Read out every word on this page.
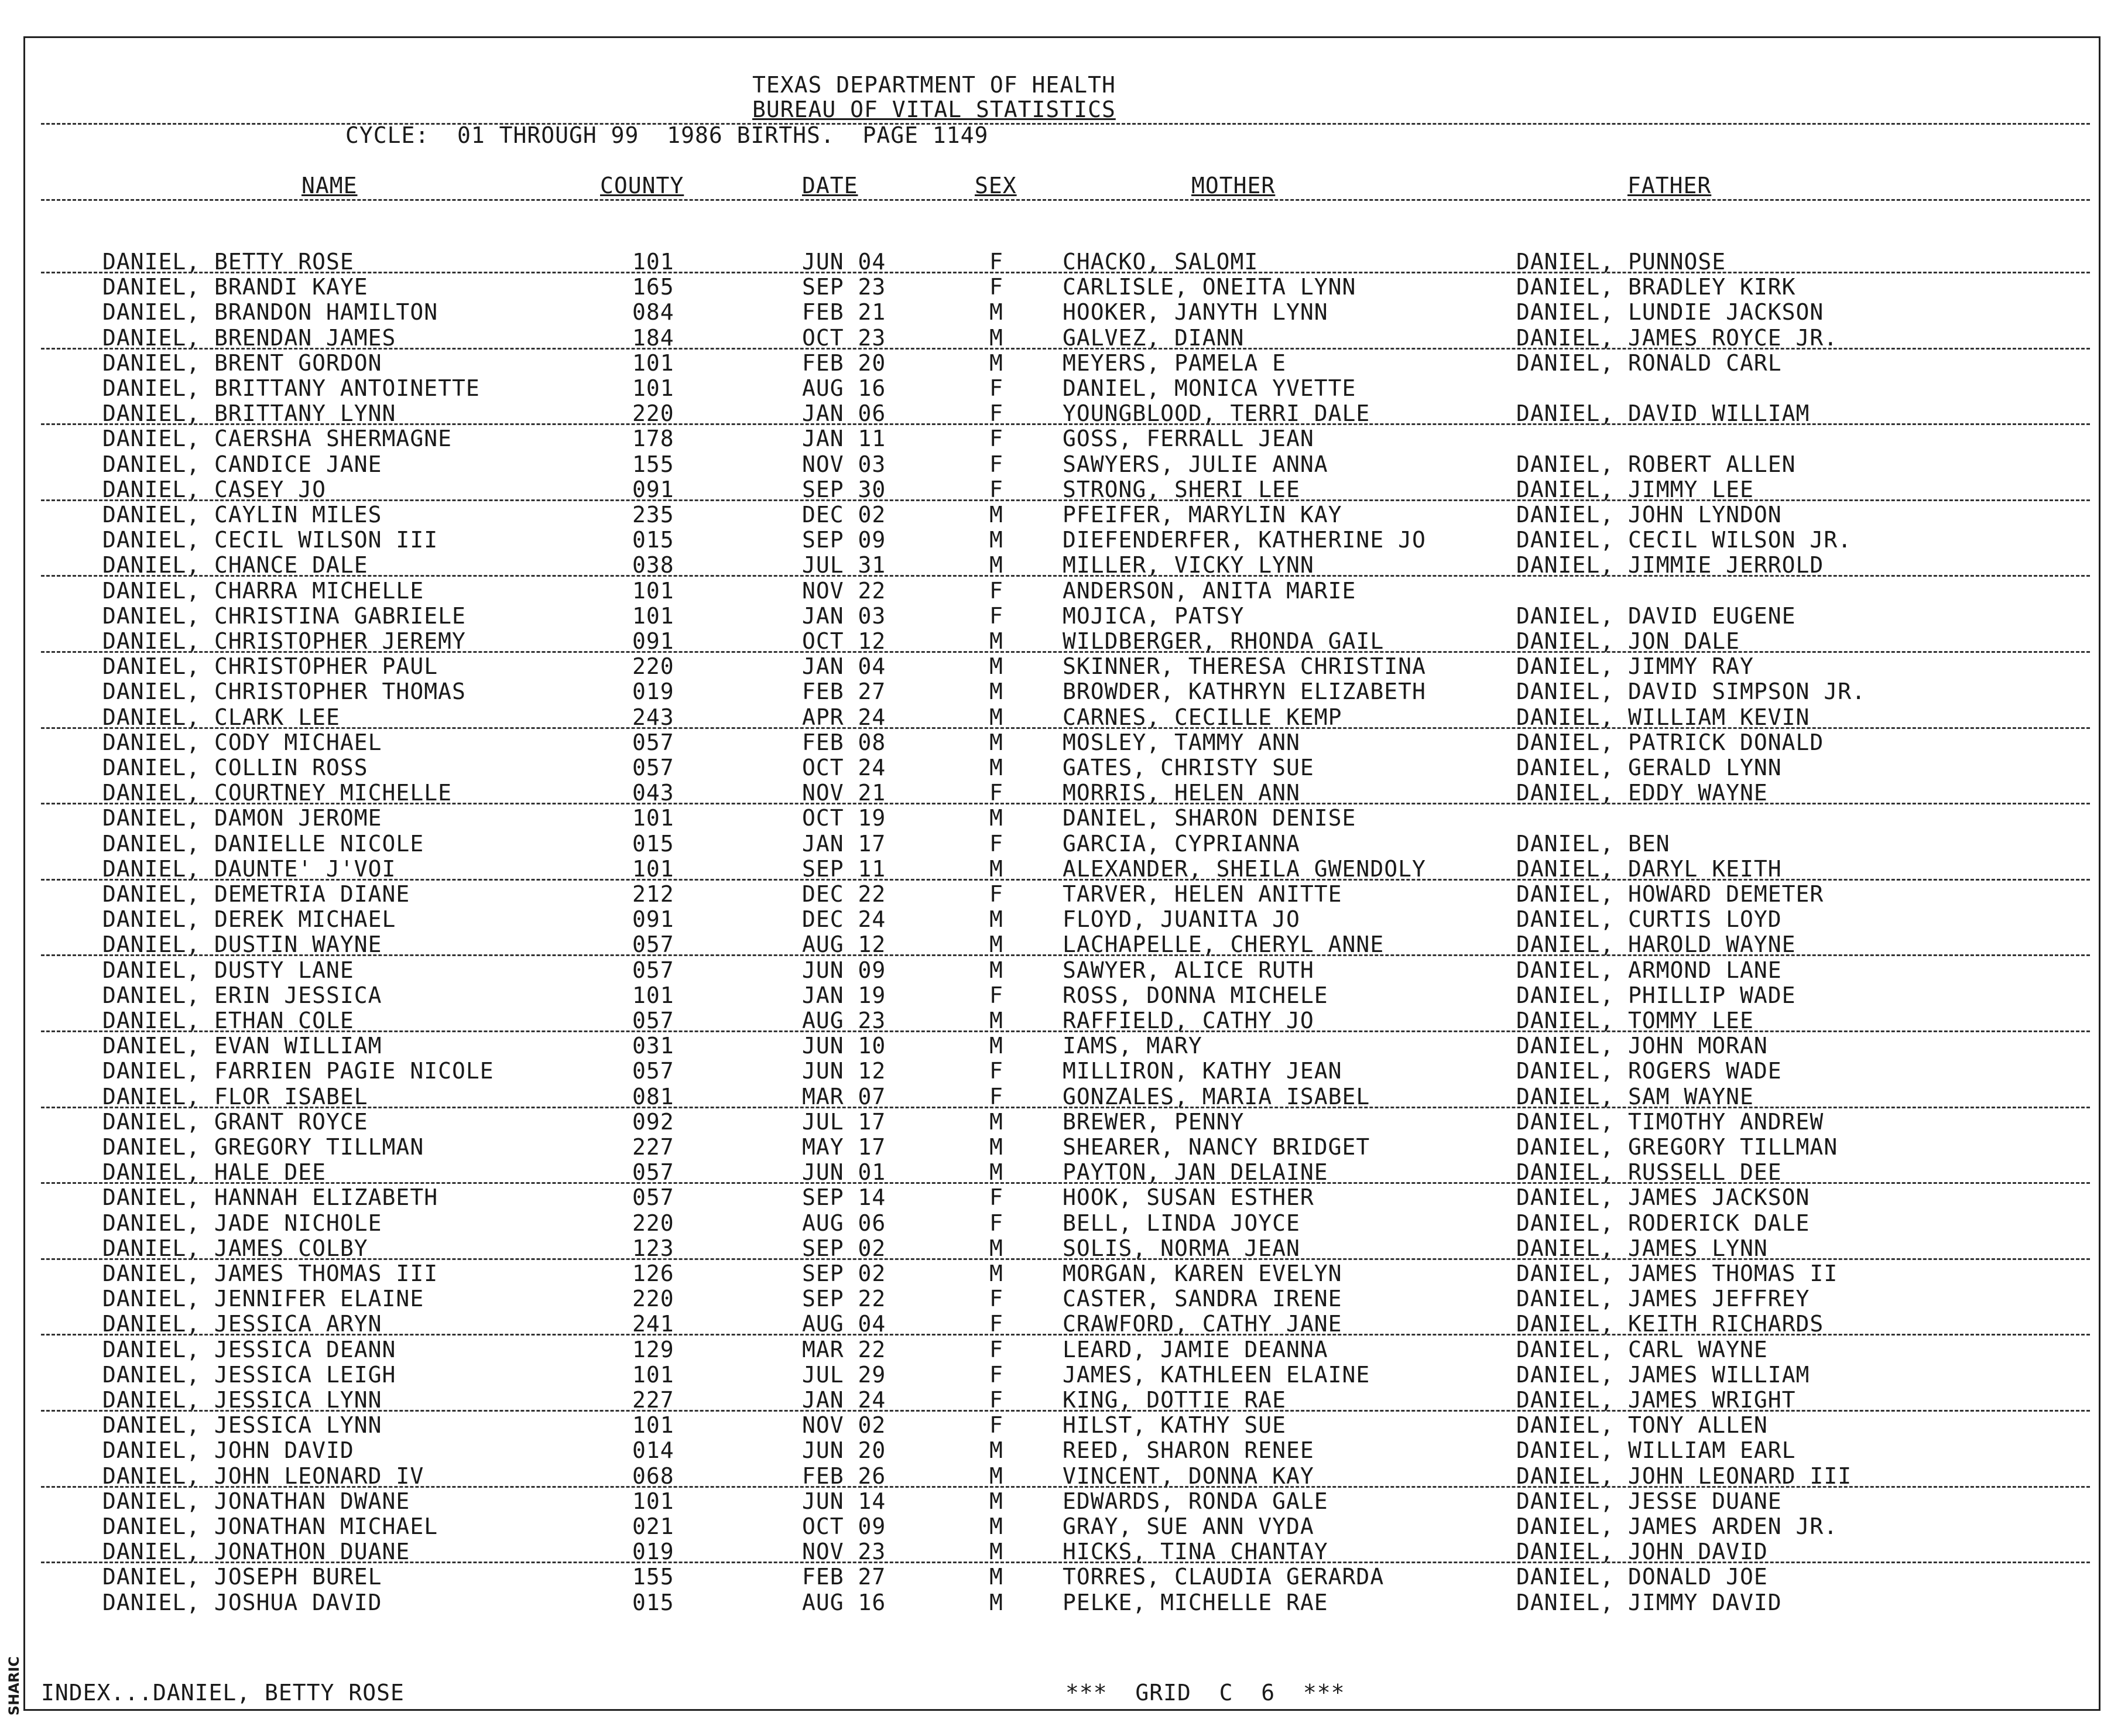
SHARIC
TEXAS DEPARTMENT OF HEALTH
BUREAU OF VITAL STATISTICS
CYCLE:  01 THROUGH 99  1986 BIRTHS.  PAGE 1149
NAME	COUNTY	DATE	SEX	MOTHER	FATHER
DANIEL, BETTY ROSE	101	JUN 04	F	CHACKO, SALOMI	DANIEL, PUNNOSE
DANIEL, BRANDI KAYE	165	SEP 23	F	CARLISLE, ONEITA LYNN	DANIEL, BRADLEY KIRK
DANIEL, BRANDON HAMILTON	084	FEB 21	M	HOOKER, JANYTH LYNN	DANIEL, LUNDIE JACKSON
DANIEL, BRENDAN JAMES	184	OCT 23	M	GALVEZ, DIANN	DANIEL, JAMES ROYCE JR.
DANIEL, BRENT GORDON	101	FEB 20	M	MEYERS, PAMELA E	DANIEL, RONALD CARL
DANIEL, BRITTANY ANTOINETTE	101	AUG 16	F	DANIEL, MONICA YVETTE
DANIEL, BRITTANY LYNN	220	JAN 06	F	YOUNGBLOOD, TERRI DALE	DANIEL, DAVID WILLIAM
DANIEL, CAERSHA SHERMAGNE	178	JAN 11	F	GOSS, FERRALL JEAN
DANIEL, CANDICE JANE	155	NOV 03	F	SAWYERS, JULIE ANNA	DANIEL, ROBERT ALLEN
DANIEL, CASEY JO	091	SEP 30	F	STRONG, SHERI LEE	DANIEL, JIMMY LEE
DANIEL, CAYLIN MILES	235	DEC 02	M	PFEIFER, MARYLIN KAY	DANIEL, JOHN LYNDON
DANIEL, CECIL WILSON III	015	SEP 09	M	DIEFENDERFER, KATHERINE JO	DANIEL, CECIL WILSON JR.
DANIEL, CHANCE DALE	038	JUL 31	M	MILLER, VICKY LYNN	DANIEL, JIMMIE JERROLD
DANIEL, CHARRA MICHELLE	101	NOV 22	F	ANDERSON, ANITA MARIE
DANIEL, CHRISTINA GABRIELE	101	JAN 03	F	MOJICA, PATSY	DANIEL, DAVID EUGENE
DANIEL, CHRISTOPHER JEREMY	091	OCT 12	M	WILDBERGER, RHONDA GAIL	DANIEL, JON DALE
DANIEL, CHRISTOPHER PAUL	220	JAN 04	M	SKINNER, THERESA CHRISTINA	DANIEL, JIMMY RAY
DANIEL, CHRISTOPHER THOMAS	019	FEB 27	M	BROWDER, KATHRYN ELIZABETH	DANIEL, DAVID SIMPSON JR.
DANIEL, CLARK LEE	243	APR 24	M	CARNES, CECILLE KEMP	DANIEL, WILLIAM KEVIN
DANIEL, CODY MICHAEL	057	FEB 08	M	MOSLEY, TAMMY ANN	DANIEL, PATRICK DONALD
DANIEL, COLLIN ROSS	057	OCT 24	M	GATES, CHRISTY SUE	DANIEL, GERALD LYNN
DANIEL, COURTNEY MICHELLE	043	NOV 21	F	MORRIS, HELEN ANN	DANIEL, EDDY WAYNE
DANIEL, DAMON JEROME	101	OCT 19	M	DANIEL, SHARON DENISE
DANIEL, DANIELLE NICOLE	015	JAN 17	F	GARCIA, CYPRIANNA	DANIEL, BEN
DANIEL, DAUNTE' J'VOI	101	SEP 11	M	ALEXANDER, SHEILA GWENDOLY	DANIEL, DARYL KEITH
DANIEL, DEMETRIA DIANE	212	DEC 22	F	TARVER, HELEN ANITTE	DANIEL, HOWARD DEMETER
DANIEL, DEREK MICHAEL	091	DEC 24	M	FLOYD, JUANITA JO	DANIEL, CURTIS LOYD
DANIEL, DUSTIN WAYNE	057	AUG 12	M	LACHAPELLE, CHERYL ANNE	DANIEL, HAROLD WAYNE
DANIEL, DUSTY LANE	057	JUN 09	M	SAWYER, ALICE RUTH	DANIEL, ARMOND LANE
DANIEL, ERIN JESSICA	101	JAN 19	F	ROSS, DONNA MICHELE	DANIEL, PHILLIP WADE
DANIEL, ETHAN COLE	057	AUG 23	M	RAFFIELD, CATHY JO	DANIEL, TOMMY LEE
DANIEL, EVAN WILLIAM	031	JUN 10	M	IAMS, MARY	DANIEL, JOHN MORAN
DANIEL, FARRIEN PAGIE NICOLE	057	JUN 12	F	MILLIRON, KATHY JEAN	DANIEL, ROGERS WADE
DANIEL, FLOR ISABEL	081	MAR 07	F	GONZALES, MARIA ISABEL	DANIEL, SAM WAYNE
DANIEL, GRANT ROYCE	092	JUL 17	M	BREWER, PENNY	DANIEL, TIMOTHY ANDREW
DANIEL, GREGORY TILLMAN	227	MAY 17	M	SHEARER, NANCY BRIDGET	DANIEL, GREGORY TILLMAN
DANIEL, HALE DEE	057	JUN 01	M	PAYTON, JAN DELAINE	DANIEL, RUSSELL DEE
DANIEL, HANNAH ELIZABETH	057	SEP 14	F	HOOK, SUSAN ESTHER	DANIEL, JAMES JACKSON
DANIEL, JADE NICHOLE	220	AUG 06	F	BELL, LINDA JOYCE	DANIEL, RODERICK DALE
DANIEL, JAMES COLBY	123	SEP 02	M	SOLIS, NORMA JEAN	DANIEL, JAMES LYNN
DANIEL, JAMES THOMAS III	126	SEP 02	M	MORGAN, KAREN EVELYN	DANIEL, JAMES THOMAS II
DANIEL, JENNIFER ELAINE	220	SEP 22	F	CASTER, SANDRA IRENE	DANIEL, JAMES JEFFREY
DANIEL, JESSICA ARYN	241	AUG 04	F	CRAWFORD, CATHY JANE	DANIEL, KEITH RICHARDS
DANIEL, JESSICA DEANN	129	MAR 22	F	LEARD, JAMIE DEANNA	DANIEL, CARL WAYNE
DANIEL, JESSICA LEIGH	101	JUL 29	F	JAMES, KATHLEEN ELAINE	DANIEL, JAMES WILLIAM
DANIEL, JESSICA LYNN	227	JAN 24	F	KING, DOTTIE RAE	DANIEL, JAMES WRIGHT
DANIEL, JESSICA LYNN	101	NOV 02	F	HILST, KATHY SUE	DANIEL, TONY ALLEN
DANIEL, JOHN DAVID	014	JUN 20	M	REED, SHARON RENEE	DANIEL, WILLIAM EARL
DANIEL, JOHN LEONARD IV	068	FEB 26	M	VINCENT, DONNA KAY	DANIEL, JOHN LEONARD III
DANIEL, JONATHAN DWANE	101	JUN 14	M	EDWARDS, RONDA GALE	DANIEL, JESSE DUANE
DANIEL, JONATHAN MICHAEL	021	OCT 09	M	GRAY, SUE ANN VYDA	DANIEL, JAMES ARDEN JR.
DANIEL, JONATHON DUANE	019	NOV 23	M	HICKS, TINA CHANTAY	DANIEL, JOHN DAVID
DANIEL, JOSEPH BUREL	155	FEB 27	M	TORRES, CLAUDIA GERARDA	DANIEL, DONALD JOE
DANIEL, JOSHUA DAVID	015	AUG 16	M	PELKE, MICHELLE RAE	DANIEL, JIMMY DAVID
INDEX...DANIEL, BETTY ROSE	***  GRID  C  6  ***
